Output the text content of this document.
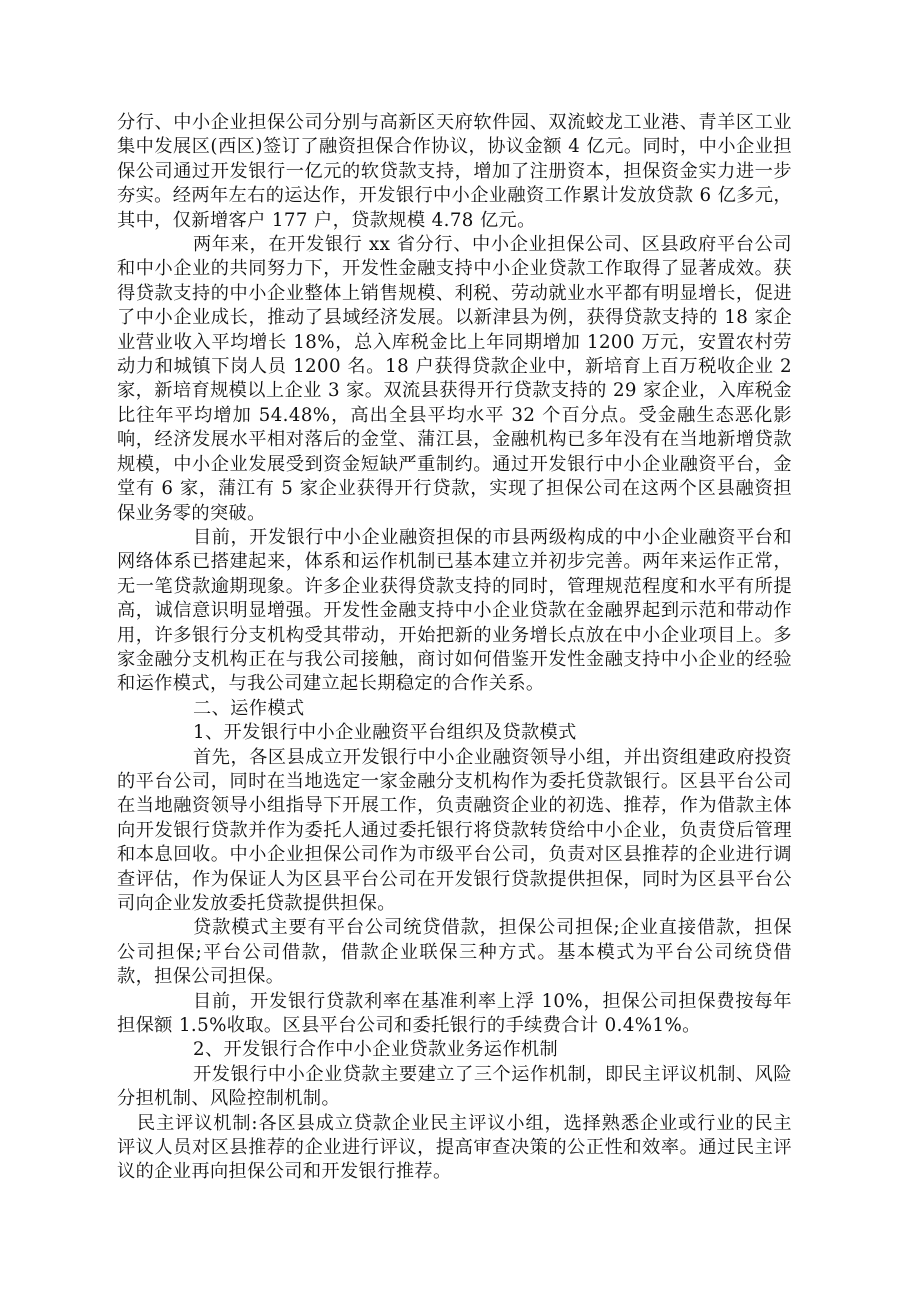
分行、中小企业担保公司分别与高新区天府软件园、双流蛟龙工业港、青羊区工业集中发展区(西区)签订了融资担保合作协议，协议金额 4 亿元。同时，中小企业担保公司通过开发银行一亿元的软贷款支持，增加了注册资本，担保资金实力进一步夯实。经两年左右的运达作，开发银行中小企业融资工作累计发放贷款 6 亿多元，其中，仅新增客户 177 户，贷款规模 4.78 亿元。

两年来，在开发银行 xx 省分行、中小企业担保公司、区县政府平台公司和中小企业的共同努力下，开发性金融支持中小企业贷款工作取得了显著成效。获得贷款支持的中小企业整体上销售规模、利税、劳动就业水平都有明显增长，促进了中小企业成长，推动了县域经济发展。以新津县为例，获得贷款支持的 18 家企业营业收入平均增长 18%，总入库税金比上年同期增加 1200 万元，安置农村劳动力和城镇下岗人员 1200 名。18 户获得贷款企业中，新培育上百万税收企业 2 家，新培育规模以上企业 3 家。双流县获得开行贷款支持的 29 家企业，入库税金比往年平均增加 54.48%，高出全县平均水平 32 个百分点。受金融生态恶化影响，经济发展水平相对落后的金堂、蒲江县，金融机构已多年没有在当地新增贷款规模，中小企业发展受到资金短缺严重制约。通过开发银行中小企业融资平台，金堂有 6 家，蒲江有 5 家企业获得开行贷款，实现了担保公司在这两个区县融资担保业务零的突破。

目前，开发银行中小企业融资担保的市县两级构成的中小企业融资平台和网络体系已搭建起来，体系和运作机制已基本建立并初步完善。两年来运作正常，无一笔贷款逾期现象。许多企业获得贷款支持的同时，管理规范程度和水平有所提高，诚信意识明显增强。开发性金融支持中小企业贷款在金融界起到示范和带动作用，许多银行分支机构受其带动，开始把新的业务增长点放在中小企业项目上。多家金融分支机构正在与我公司接触，商讨如何借鉴开发性金融支持中小企业的经验和运作模式，与我公司建立起长期稳定的合作关系。

二、运作模式

1、开发银行中小企业融资平台组织及贷款模式

首先，各区县成立开发银行中小企业融资领导小组，并出资组建政府投资的平台公司，同时在当地选定一家金融分支机构作为委托贷款银行。区县平台公司在当地融资领导小组指导下开展工作，负责融资企业的初选、推荐，作为借款主体向开发银行贷款并作为委托人通过委托银行将贷款转贷给中小企业，负责贷后管理和本息回收。中小企业担保公司作为市级平台公司，负责对区县推荐的企业进行调查评估，作为保证人为区县平台公司在开发银行贷款提供担保，同时为区县平台公司向企业发放委托贷款提供担保。

贷款模式主要有平台公司统贷借款，担保公司担保;企业直接借款，担保公司担保;平台公司借款，借款企业联保三种方式。基本模式为平台公司统贷借款，担保公司担保。

目前，开发银行贷款利率在基准利率上浮 10%，担保公司担保费按每年担保额 1.5%收取。区县平台公司和委托银行的手续费合计 0.4%1%。

2、开发银行合作中小企业贷款业务运作机制

开发银行中小企业贷款主要建立了三个运作机制，即民主评议机制、风险分担机制、风险控制机制。

民主评议机制:各区县成立贷款企业民主评议小组，选择熟悉企业或行业的民主评议人员对区县推荐的企业进行评议，提高审查决策的公正性和效率。通过民主评议的企业再向担保公司和开发银行推荐。
